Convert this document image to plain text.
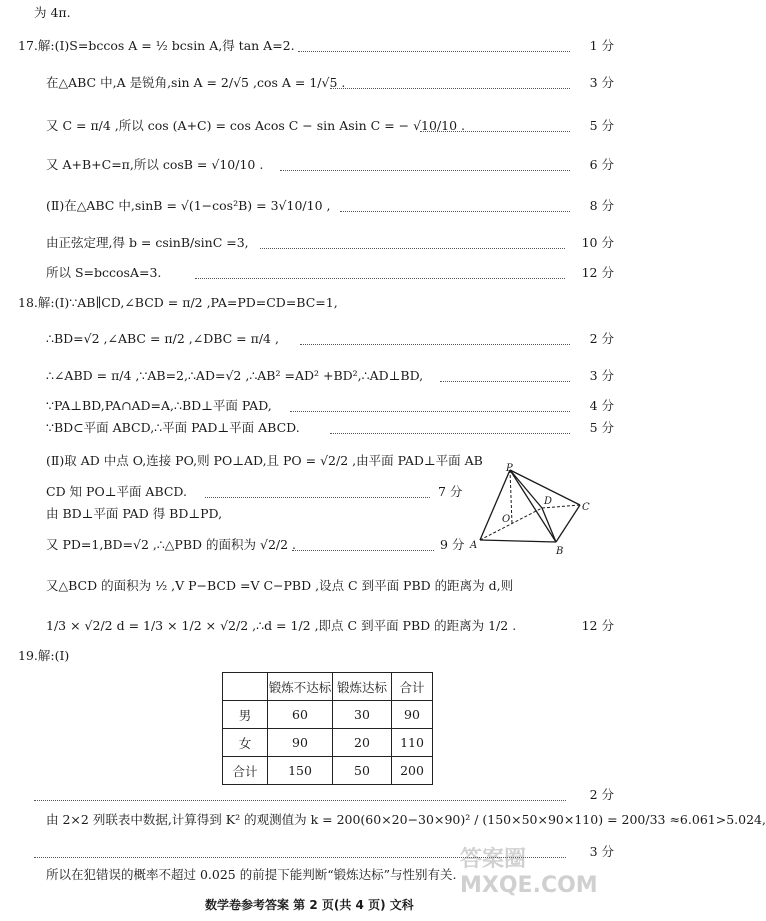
为 4π.
17.解:(Ⅰ)S=bccos A = ½ bcsin A,得 tan A=2.	1 分
在△ABC 中,A 是锐角,sin A = 2/√5 ,cos A = 1/√5 .	3 分
又 C = π/4 ,所以 cos (A+C) = cos Acos C − sin Asin C = − √10/10 .	5 分
又 A+B+C=π,所以 cosB = √10/10 .	6 分
(Ⅱ)在△ABC 中,sinB = √(1−cos²B) = 3√10/10 ,	8 分
由正弦定理,得 b = csinB/sinC =3,	10 分
所以 S=bccosA=3.	12 分
18.解:(Ⅰ)∵AB∥CD,∠BCD = π/2 ,PA=PD=CD=BC=1,
∴BD=√2 ,∠ABC = π/2 ,∠DBC = π/4 ,	2 分
∴∠ABD = π/4 ,∵AB=2,∴AD=√2 ,∴AB² =AD² +BD²,∴AD⊥BD,	3 分
∵PA⊥BD,PA∩AD=A,∴BD⊥平面 PAD,	4 分
∵BD⊂平面 ABCD,∴平面 PAD⊥平面 ABCD.	5 分
(Ⅱ)取 AD 中点 O,连接 PO,则 PO⊥AD,且 PO = √2/2 ,由平面 PAD⊥平面 AB
CD 知 PO⊥平面 ABCD.	7 分
由 BD⊥平面 PAD 得 BD⊥PD,
又 PD=1,BD=√2 ,∴△PBD 的面积为 √2/2 .	9 分
又△BCD 的面积为 ½ ,V P−BCD =V C−PBD ,设点 C 到平面 PBD 的距离为 d,则
1/3 × √2/2 d = 1/3 × 1/2 × √2/2 ,∴d = 1/2 ,即点 C 到平面 PBD 的距离为 1/2 .	12 分
19.解:(Ⅰ)
	锻炼不达标	锻炼达标	合计
男	60	30	90
女	90	20	110
合计	150	50	200
2 分
由 2×2 列联表中数据,计算得到 K² 的观测值为 k = 200(60×20−30×90)² / (150×50×90×110) = 200/33 ≈6.061>5.024,
3 分
所以在犯错误的概率不超过 0.025 的前提下能判断“锻炼达标”与性别有关.
数学卷参考答案 第 2 页(共 4 页) 文科
P
A
B
C
D
O
答案圈 MXQE.COM
